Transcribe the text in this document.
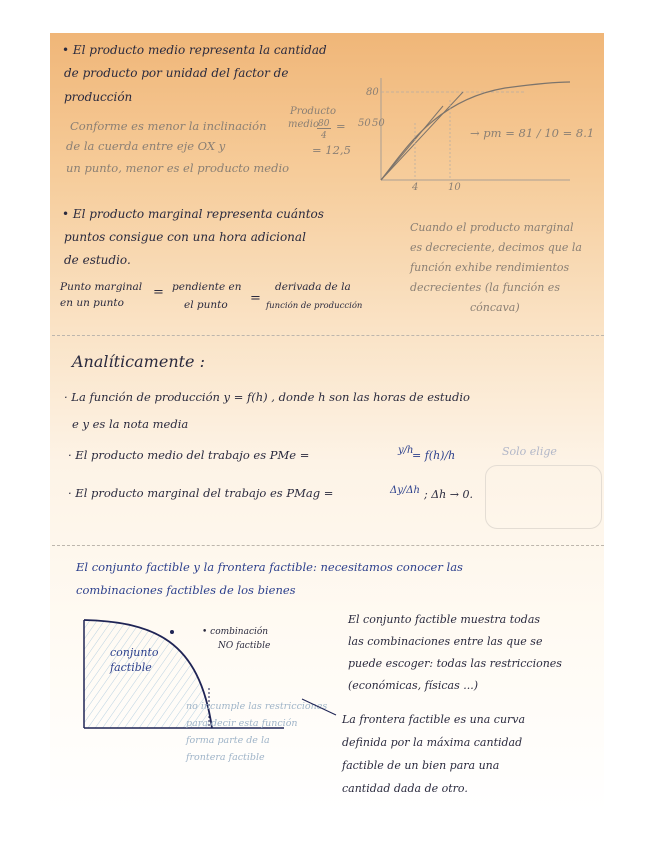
• El producto medio representa la cantidad
de producto por unidad del factor de
producción
Conforme es menor la inclinación
de la cuerda entre eje OX y
un punto, menor es el producto medio
Producto
medio
80
4
=
80
50 50
= 12,5
4	10
→ pm = 81 / 10 = 8.1
• El producto marginal representa cuántos
puntos consigue con una hora adicional
de estudio.
Cuando el producto marginal
es decreciente, decimos que la
función exhibe rendimientos
decrecientes (la función es
cóncava)
Punto marginal
en un punto
= pendiente en
el punto =
derivada de la
función de producción
Analíticamente :
· La función de producción y = f(h) , donde h son las horas de estudio
e y es la nota media
· El producto medio del trabajo es PMe =	y/h
= f(h)/h	Solo elige
· El producto marginal del trabajo es PMag =	Δy/Δh ; Δh → 0.
El conjunto factible y la frontera factible: necesitamos conocer las
combinaciones factibles de los bienes
conjunto
factible
• combinación
NO factible
no incumple las restricciones
para decir esta función
forma parte de la
frontera factible
El conjunto factible muestra todas
las combinaciones entre las que se
puede escoger: todas las restricciones
(económicas, físicas ...)
La frontera factible es una curva
definida por la máxima cantidad
factible de un bien para una
cantidad dada de otro.
